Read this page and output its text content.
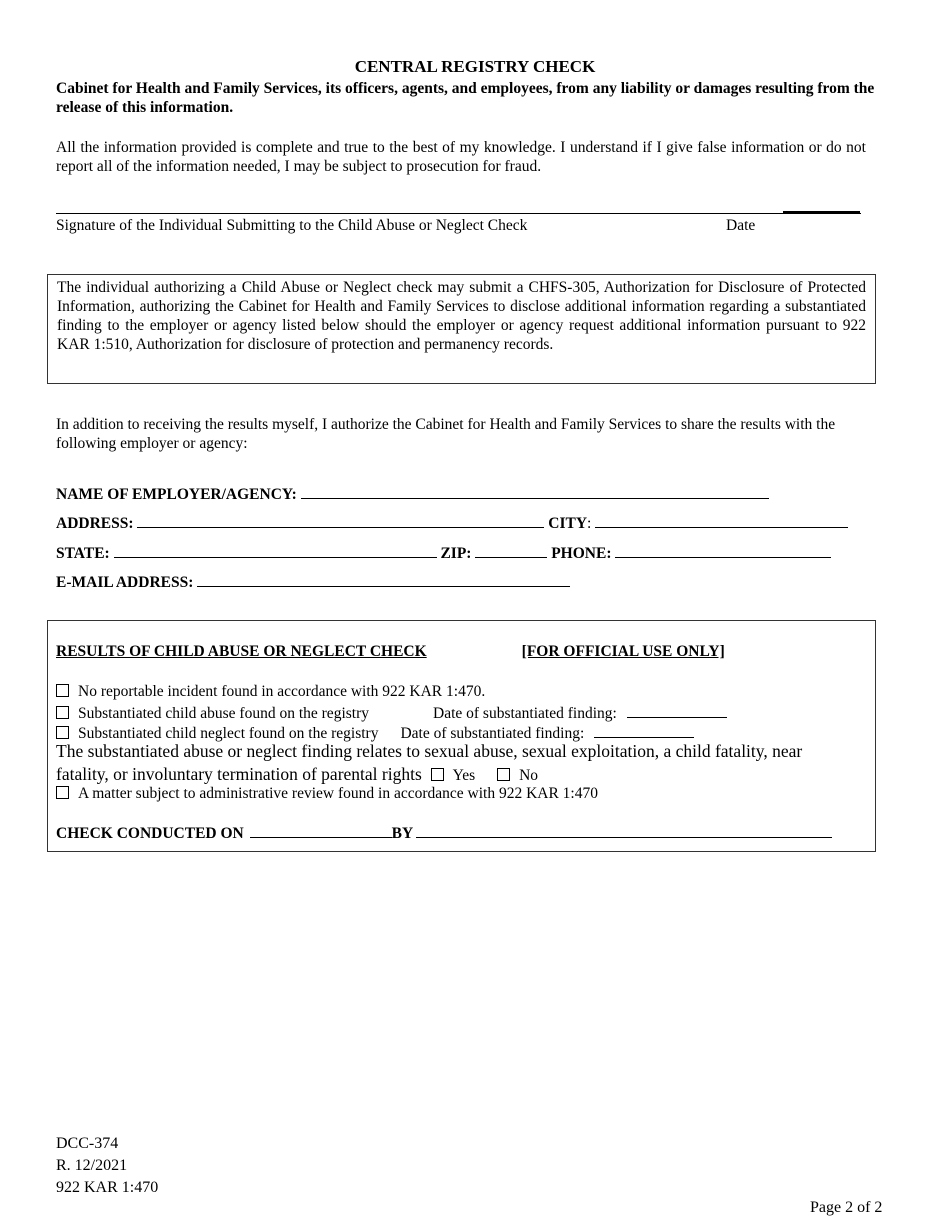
CENTRAL REGISTRY CHECK
Cabinet for Health and Family Services, its officers, agents, and employees, from any liability or damages resulting from the release of this information.
All the information provided is complete and true to the best of my knowledge. I understand if I give false information or do not report all of the information needed, I may be subject to prosecution for fraud.
Signature of the Individual Submitting to the Child Abuse or Neglect Check	Date
The individual authorizing a Child Abuse or Neglect check may submit a CHFS-305, Authorization for Disclosure of Protected Information, authorizing the Cabinet for Health and Family Services to disclose additional information regarding a substantiated finding to the employer or agency listed below should the employer or agency request additional information pursuant to 922 KAR 1:510, Authorization for disclosure of protection and permanency records.
In addition to receiving the results myself, I authorize the Cabinet for Health and Family Services to share the results with the following employer or agency:
NAME OF EMPLOYER/AGENCY:
ADDRESS:	CITY:
STATE:	ZIP:	PHONE:
E-MAIL ADDRESS:
RESULTS OF CHILD ABUSE OR NEGLECT CHECK	[FOR OFFICIAL USE ONLY]
No reportable incident found in accordance with 922 KAR 1:470.
Substantiated child abuse found on the registry	Date of substantiated finding:
Substantiated child neglect found on the registry Date of substantiated finding:
The substantiated abuse or neglect finding relates to sexual abuse, sexual exploitation, a child fatality, near
fatality, or involuntary termination of parental rights Yes	No
A matter subject to administrative review found in accordance with 922 KAR 1:470
CHECK CONDUCTED ON	BY
DCC-374
R. 12/2021
922 KAR 1:470
Page 2 of 2
